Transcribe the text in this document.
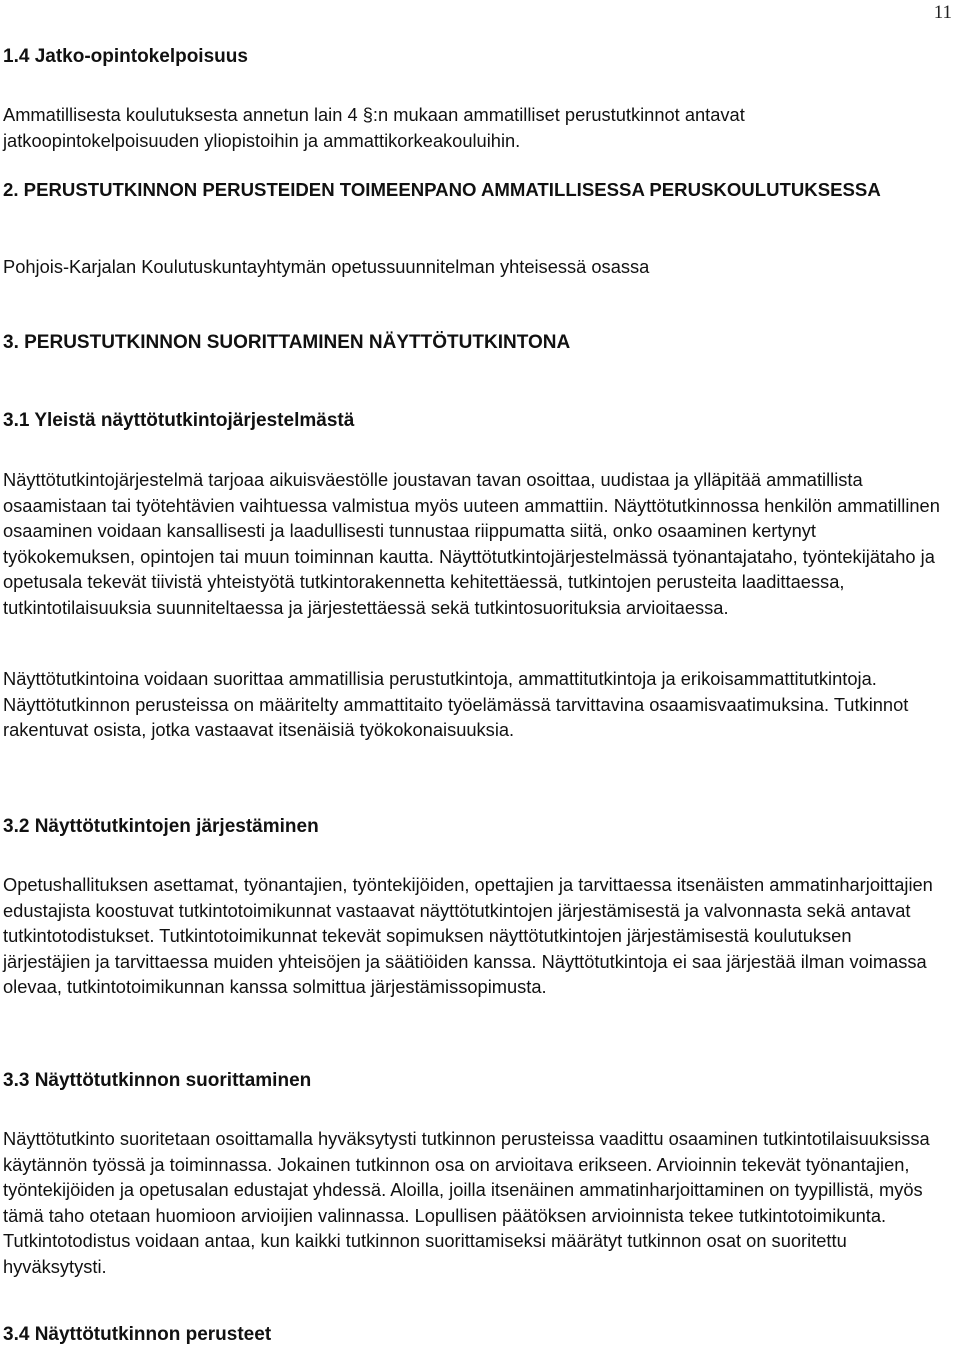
11
1.4 Jatko-opintokelpoisuus

Ammatillisesta koulutuksesta annetun lain 4 §:n mukaan ammatilliset perustutkinnot antavat jatkoopintokelpoisuuden yliopistoihin ja ammattikorkeakouluihin.

2. PERUSTUTKINNON PERUSTEIDEN TOIMEENPANO AMMATILLISESSA PERUSKOULUTUKSESSA

Pohjois-Karjalan Koulutuskuntayhtymän opetussuunnitelman yhteisessä osassa

3. PERUSTUTKINNON SUORITTAMINEN NÄYTTÖTUTKINTONA
3.1 Yleistä näyttötutkintojärjestelmästä

Näyttötutkintojärjestelmä tarjoaa aikuisväestölle joustavan tavan osoittaa, uudistaa ja ylläpitää ammatillista osaamistaan tai työtehtävien vaihtuessa valmistua myös uuteen ammattiin. Näyttötutkinnossa henkilön ammatillinen osaaminen voidaan kansallisesti ja laadullisesti tunnustaa riippumatta siitä, onko osaaminen kertynyt työkokemuksen, opintojen tai muun toiminnan kautta. Näyttötutkintojärjestelmässä työnantajataho, työntekijätaho ja opetusala tekevät tiivistä yhteistyötä tutkintorakennetta kehitettäessä, tutkintojen perusteita laadittaessa, tutkintotilaisuuksia suunniteltaessa ja järjestettäessä sekä tutkintosuorituksia arvioitaessa.

Näyttötutkintoina voidaan suorittaa ammatillisia perustutkintoja, ammattitutkintoja ja erikoisammattitutkintoja. Näyttötutkinnon perusteissa on määritelty ammattitaito työelämässä tarvittavina osaamisvaatimuksina. Tutkinnot rakentuvat osista, jotka vastaavat itsenäisiä työkokonaisuuksia.

3.2 Näyttötutkintojen järjestäminen

Opetushallituksen asettamat, työnantajien, työntekijöiden, opettajien ja tarvittaessa itsenäisten ammatinharjoittajien edustajista koostuvat tutkintotoimikunnat vastaavat näyttötutkintojen järjestämisestä ja valvonnasta sekä antavat tutkintotodistukset. Tutkintotoimikunnat tekevät sopimuksen näyttötutkintojen järjestämisestä koulutuksen järjestäjien ja tarvittaessa muiden yhteisöjen ja säätiöiden kanssa. Näyttötutkintoja ei saa järjestää ilman voimassa olevaa, tutkintotoimikunnan kanssa solmittua järjestämissopimusta.

3.3 Näyttötutkinnon suorittaminen

Näyttötutkinto suoritetaan osoittamalla hyväksytysti tutkinnon perusteissa vaadittu osaaminen tutkintotilaisuuksissa käytännön työssä ja toiminnassa. Jokainen tutkinnon osa on arvioitava erikseen. Arvioinnin tekevät työnantajien, työntekijöiden ja opetusalan edustajat yhdessä. Aloilla, joilla itsenäinen ammatinharjoittaminen on tyypillistä, myös tämä taho otetaan huomioon arvioijien valinnassa. Lopullisen päätöksen arvioinnista tekee tutkintotoimikunta. Tutkintotodistus voidaan antaa, kun kaikki tutkinnon suorittamiseksi määrätyt tutkinnon osat on suoritettu hyväksytysti.

3.4 Näyttötutkinnon perusteet
